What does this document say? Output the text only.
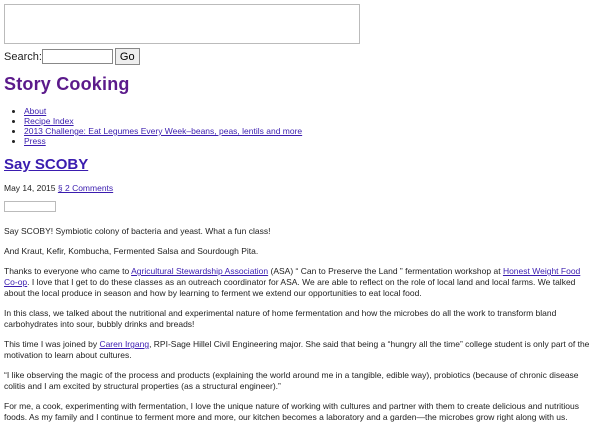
Search:	Go
Story Cooking
• About
• Recipe Index
• 2013 Challenge: Eat Legumes Every Week–beans, peas, lentils and more
• Press
Say SCOBY
May 14, 2015 § 2 Comments

Say SCOBY! Symbiotic colony of bacteria and yeast. What a fun class!

And Kraut, Kefir, Kombucha, Fermented Salsa and Sourdough Pita.

Thanks to everyone who came to Agricultural Stewardship Association (ASA) “ Can to Preserve the Land ” fermentation workshop at Honest Weight Food Co-op. I love that I get to do these classes as an outreach coordinator for ASA. We are able to reflect on the role of local land and local farms. We talked about the local produce in season and how by learning to ferment we extend our opportunities to eat local food.

In this class, we talked about the nutritional and experimental nature of home fermentation and how the microbes do all the work to transform bland carbohydrates into sour, bubbly drinks and breads!

This time I was joined by Caren Irgang, RPI-Sage Hillel Civil Engineering major. She said that being a “hungry all the time” college student is only part of the motivation to learn about cultures.

“I like observing the magic of the process and products (explaining the world around me in a tangible, edible way), probiotics (because of chronic disease colitis and I am excited by structural properties (as a structural engineer).”

For me, a cook, experimenting with fermentation, I love the unique nature of working with cultures and partner with them to create delicious and nutritious foods. As my family and I continue to ferment more and more, our kitchen becomes a laboratory and a garden—the microbes grow right along with us.
